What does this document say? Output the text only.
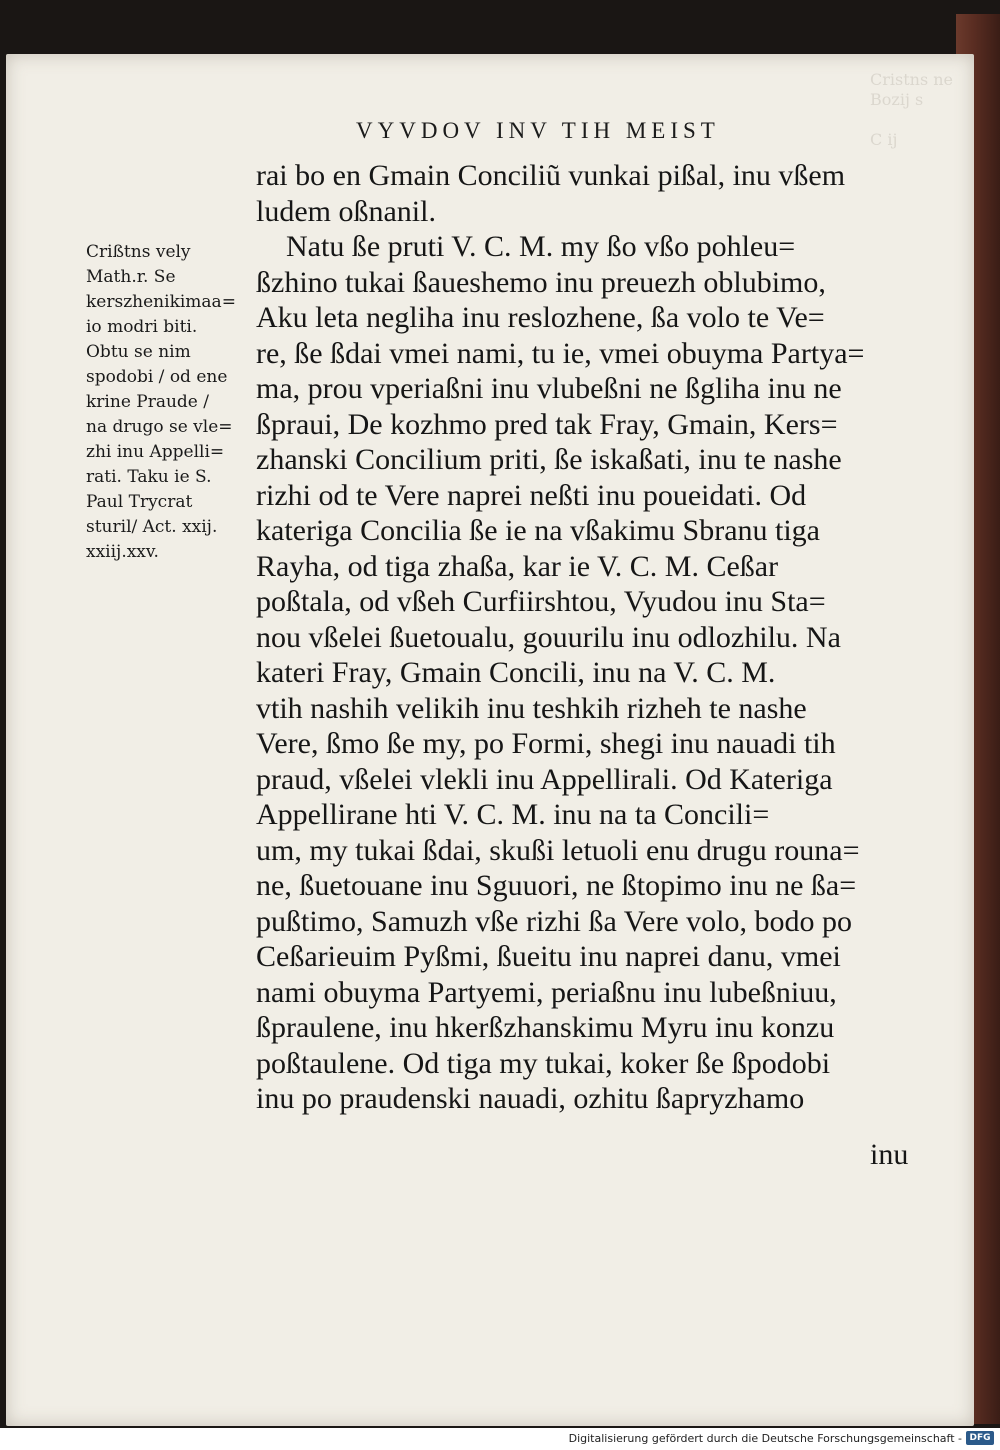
Cristns ne
Bozij s

C ij
VYVDOV INV TIH MEIST
Crißtns vely
Math.r. Se
kerszhenikimaa=
io modri biti.
Obtu se nim
spodobi / od ene
krine Praude /
na drugo se vle=
zhi inu Appelli=
rati. Taku ie S.
Paul Trycrat
sturil/ Act. xxij.
xxiij.xxv.
rai bo en Gmain Conciliũ vunkai pißal, inu vßem
ludem oßnanil.
Natu ße pruti V. C. M. my ßo vßo pohleu=
ßzhino tukai ßaueshemo inu preuezh oblubimo,
Aku leta negliha inu reslozhene, ßa volo te Ve=
re, ße ßdai vmei nami, tu ie, vmei obuyma Partya=
ma, prou vperiaßni inu vlubeßni ne ßgliha inu ne
ßpraui, De kozhmo pred tak Fray, Gmain, Kers=
zhanski Concilium priti, ße iskaßati, inu te nashe
rizhi od te Vere naprei neßti inu poueidati. Od
kateriga Concilia ße ie na vßakimu Sbranu tiga
Rayha, od tiga zhaßa, kar ie V. C. M. Ceßar
poßtala, od vßeh Curfiirshtou, Vyudou inu Sta=
nou vßelei ßuetoualu, gouurilu inu odlozhilu. Na
kateri Fray, Gmain Concili, inu na V. C. M.
vtih nashih velikih inu teshkih rizheh te nashe
Vere, ßmo ße my, po Formi, shegi inu nauadi tih
praud, vßelei vlekli inu Appellirali. Od Kateriga
Appellirane hti V. C. M. inu na ta Concili=
um, my tukai ßdai, skußi letuoli enu drugu rouna=
ne, ßuetouane inu Sguuori, ne ßtopimo inu ne ßa=
pußtimo, Samuzh vße rizhi ßa Vere volo, bodo po
Ceßarieuim Pyßmi, ßueitu inu naprei danu, vmei
nami obuyma Partyemi, periaßnu inu lubeßniuu,
ßpraulene, inu hkerßzhanskimu Myru inu konzu
poßtaulene. Od tiga my tukai, koker ße ßpodobi
inu po praudenski nauadi, ozhitu ßapryzhamo
inu
Digitalisierung gefördert durch die Deutsche Forschungsgemeinschaft - DFG
